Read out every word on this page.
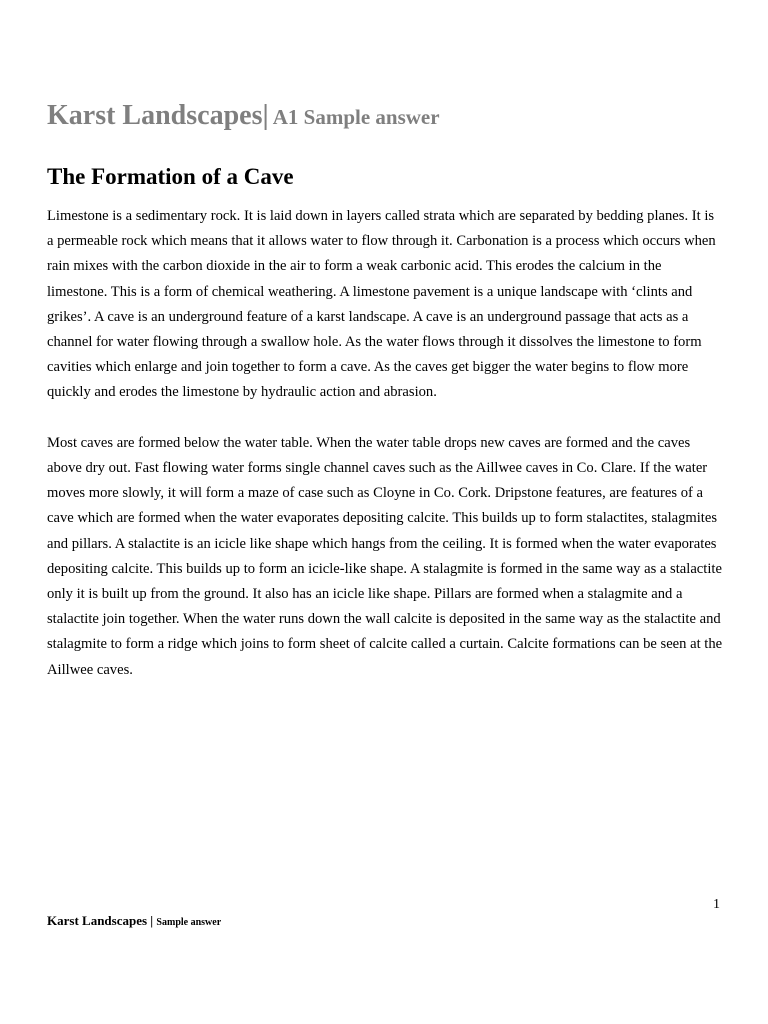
Karst Landscapes| A1 Sample answer
The Formation of a Cave

Limestone is a sedimentary rock. It is laid down in layers called strata which are separated by bedding planes. It is a permeable rock which means that it allows water to flow through it. Carbonation is a process which occurs when rain mixes with the carbon dioxide in the air to form a weak carbonic acid. This erodes the calcium in the limestone. This is a form of chemical weathering. A limestone pavement is a unique landscape with ‘clints and grikes’. A cave is an underground feature of a karst landscape. A cave is an underground passage that acts as a channel for water flowing through a swallow hole. As the water flows through it dissolves the limestone to form cavities which enlarge and join together to form a cave. As the caves get bigger the water begins to flow more quickly and erodes the limestone by hydraulic action and abrasion.

Most caves are formed below the water table. When the water table drops new caves are formed and the caves above dry out. Fast flowing water forms single channel caves such as the Aillwee caves in Co. Clare. If the water moves more slowly, it will form a maze of case such as Cloyne in Co. Cork. Dripstone features, are features of a cave which are formed when the water evaporates depositing calcite. This builds up to form stalactites, stalagmites and pillars. A stalactite is an icicle like shape which hangs from the ceiling. It is formed when the water evaporates depositing calcite. This builds up to form an icicle-like shape. A stalagmite is formed in the same way as a stalactite only it is built up from the ground. It also has an icicle like shape. Pillars are formed when a stalagmite and a stalactite join together. When the water runs down the wall calcite is deposited in the same way as the stalactite and stalagmite to form a ridge which joins to form sheet of calcite called a curtain. Calcite formations can be seen at the Aillwee caves.

1
Karst Landscapes | Sample answer
